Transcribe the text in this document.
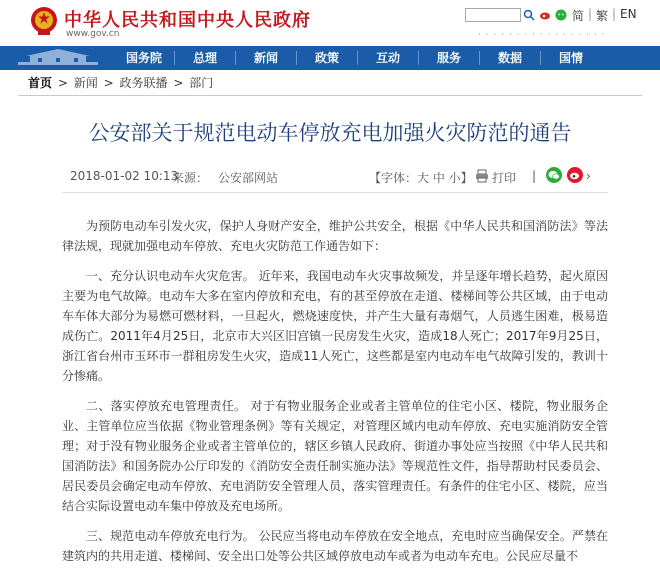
中华人民共和国中央人民政府
www.gov.cn
简 | 繁 | EN
· · · · · · · · · · · · · · · · ·
国务院	总理	新闻	政策	互动	服务	数据	国情
首页 > 新闻 > 政务联播 > 部门
公安部关于规范电动车停放充电加强火灾防范的通告
2018-01-02 10:13
来源： 公安部网站	【字体：大 中 小】 打印 |	›

为预防电动车引发火灾，保护人身财产安全，维护公共安全，根据《中华人民共和国消防法》等法律法规，现就加强电动车停放、充电火灾防范工作通告如下：

一、充分认识电动车火灾危害。 近年来，我国电动车火灾事故频发，并呈逐年增长趋势，起火原因主要为电气故障。电动车大多在室内停放和充电，有的甚至停放在走道、楼梯间等公共区域，由于电动车车体大部分为易燃可燃材料，一旦起火，燃烧速度快，并产生大量有毒烟气，人员逃生困难，极易造成伤亡。2011年4月25日，北京市大兴区旧宫镇一民房发生火灾，造成18人死亡；2017年9月25日，浙江省台州市玉环市一群租房发生火灾，造成11人死亡，这些都是室内电动车电气故障引发的，教训十分惨痛。

二、落实停放充电管理责任。 对于有物业服务企业或者主管单位的住宅小区、楼院，物业服务企业、主管单位应当依据《物业管理条例》等有关规定，对管理区域内电动车停放、充电实施消防安全管理；对于没有物业服务企业或者主管单位的，辖区乡镇人民政府、街道办事处应当按照《中华人民共和国消防法》和国务院办公厅印发的《消防安全责任制实施办法》等规范性文件，指导帮助村民委员会、居民委员会确定电动车停放、充电消防安全管理人员，落实管理责任。有条件的住宅小区、楼院，应当结合实际设置电动车集中停放及充电场所。

三、规范电动车停放充电行为。 公民应当将电动车停放在安全地点，充电时应当确保安全。严禁在建筑内的共用走道、楼梯间、安全出口处等公共区域停放电动车或者为电动车充电。公民应尽量不
